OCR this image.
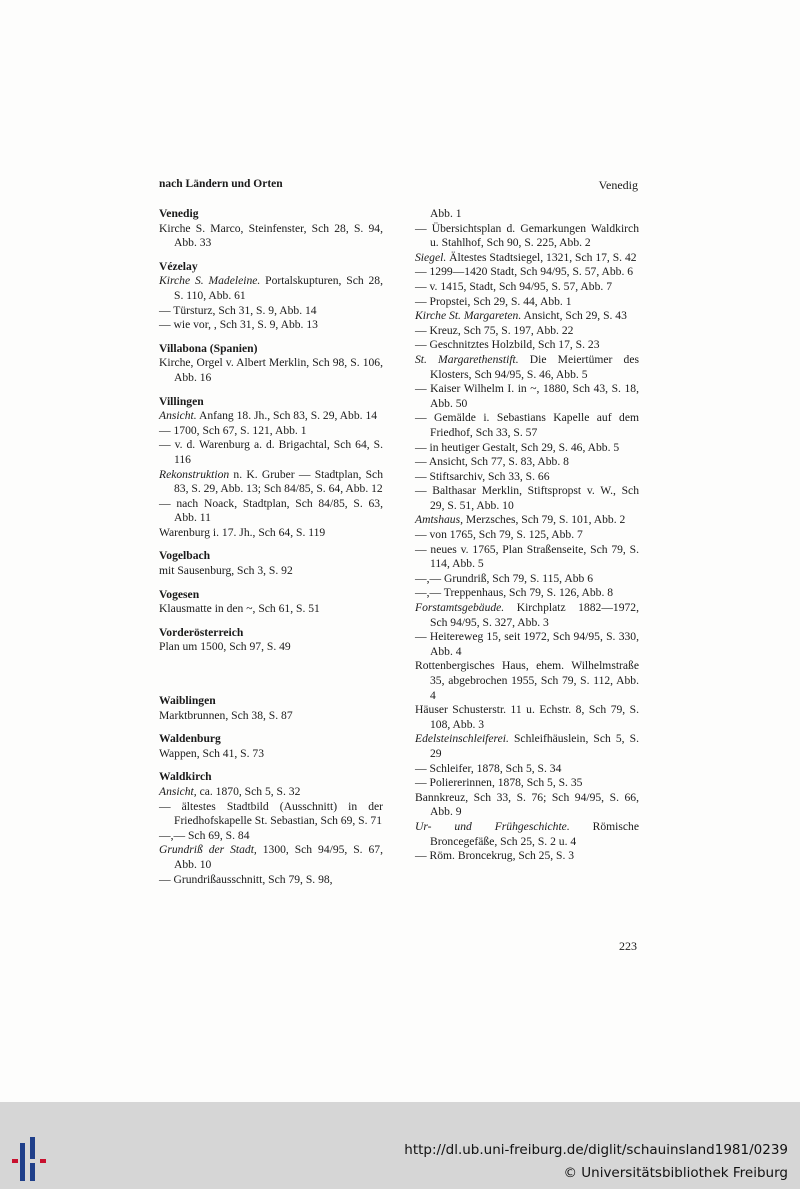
nach Ländern und Orten	Venedig
Venedig
Kirche S. Marco, Steinfenster, Sch 28, S. 94, Abb. 33
Vézelay
Kirche S. Madeleine. Portalskupturen, Sch 28, S. 110, Abb. 61
— Türsturz, Sch 31, S. 9, Abb. 14
— wie vor, , Sch 31, S. 9, Abb. 13
Villabona (Spanien)
Kirche, Orgel v. Albert Merklin, Sch 98, S. 106, Abb. 16
Villingen
Ansicht. Anfang 18. Jh., Sch 83, S. 29, Abb. 14
— 1700, Sch 67, S. 121, Abb. 1
— v. d. Warenburg a. d. Brigachtal, Sch 64, S. 116
Rekonstruktion n. K. Gruber — Stadtplan, Sch 83, S. 29, Abb. 13; Sch 84/85, S. 64, Abb. 12
— nach Noack, Stadtplan, Sch 84/85, S. 63, Abb. 11
Warenburg i. 17. Jh., Sch 64, S. 119
Vogelbach
mit Sausenburg, Sch 3, S. 92
Vogesen
Klausmatte in den ~, Sch 61, S. 51
Vorderösterreich
Plan um 1500, Sch 97, S. 49
Waiblingen
Marktbrunnen, Sch 38, S. 87
Waldenburg
Wappen, Sch 41, S. 73
Waldkirch
Ansicht, ca. 1870, Sch 5, S. 32
— ältestes Stadtbild (Ausschnitt) in der Friedhofskapelle St. Sebastian, Sch 69, S. 71
—,— Sch 69, S. 84
Grundriß der Stadt, 1300, Sch 94/95, S. 67, Abb. 10
— Grundrißausschnitt, Sch 79, S. 98,
Abb. 1
— Übersichtsplan d. Gemarkungen Waldkirch u. Stahlhof, Sch 90, S. 225, Abb. 2
Siegel. Ältestes Stadtsiegel, 1321, Sch 17, S. 42
— 1299—1420 Stadt, Sch 94/95, S. 57, Abb. 6
— v. 1415, Stadt, Sch 94/95, S. 57, Abb. 7
— Propstei, Sch 29, S. 44, Abb. 1
Kirche St. Margareten. Ansicht, Sch 29, S. 43
— Kreuz, Sch 75, S. 197, Abb. 22
— Geschnitztes Holzbild, Sch 17, S. 23
St. Margarethenstift. Die Meiertümer des Klosters, Sch 94/95, S. 46, Abb. 5
— Kaiser Wilhelm I. in ~, 1880, Sch 43, S. 18, Abb. 50
— Gemälde i. Sebastians Kapelle auf dem Friedhof, Sch 33, S. 57
— in heutiger Gestalt, Sch 29, S. 46, Abb. 5
— Ansicht, Sch 77, S. 83, Abb. 8
— Stiftsarchiv, Sch 33, S. 66
— Balthasar Merklin, Stiftspropst v. W., Sch 29, S. 51, Abb. 10
Amtshaus, Merzsches, Sch 79, S. 101, Abb. 2
— von 1765, Sch 79, S. 125, Abb. 7
— neues v. 1765, Plan Straßenseite, Sch 79, S. 114, Abb. 5
—,— Grundriß, Sch 79, S. 115, Abb 6
—,— Treppenhaus, Sch 79, S. 126, Abb. 8
Forstamtsgebäude. Kirchplatz 1882—1972, Sch 94/95, S. 327, Abb. 3
— Heitereweg 15, seit 1972, Sch 94/95, S. 330, Abb. 4
Rottenbergisches Haus, ehem. Wilhelmstraße 35, abgebrochen 1955, Sch 79, S. 112, Abb. 4
Häuser Schusterstr. 11 u. Echstr. 8, Sch 79, S. 108, Abb. 3
Edelsteinschleiferei. Schleifhäuslein, Sch 5, S. 29
— Schleifer, 1878, Sch 5, S. 34
— Poliererinnen, 1878, Sch 5, S. 35
Bannkreuz, Sch 33, S. 76; Sch 94/95, S. 66, Abb. 9
Ur- und Frühgeschichte. Römische Broncegefäße, Sch 25, S. 2 u. 4
— Röm. Broncekrug, Sch 25, S. 3
223
http://dl.ub.uni-freiburg.de/diglit/schauinsland1981/0239
© Universitätsbibliothek Freiburg
